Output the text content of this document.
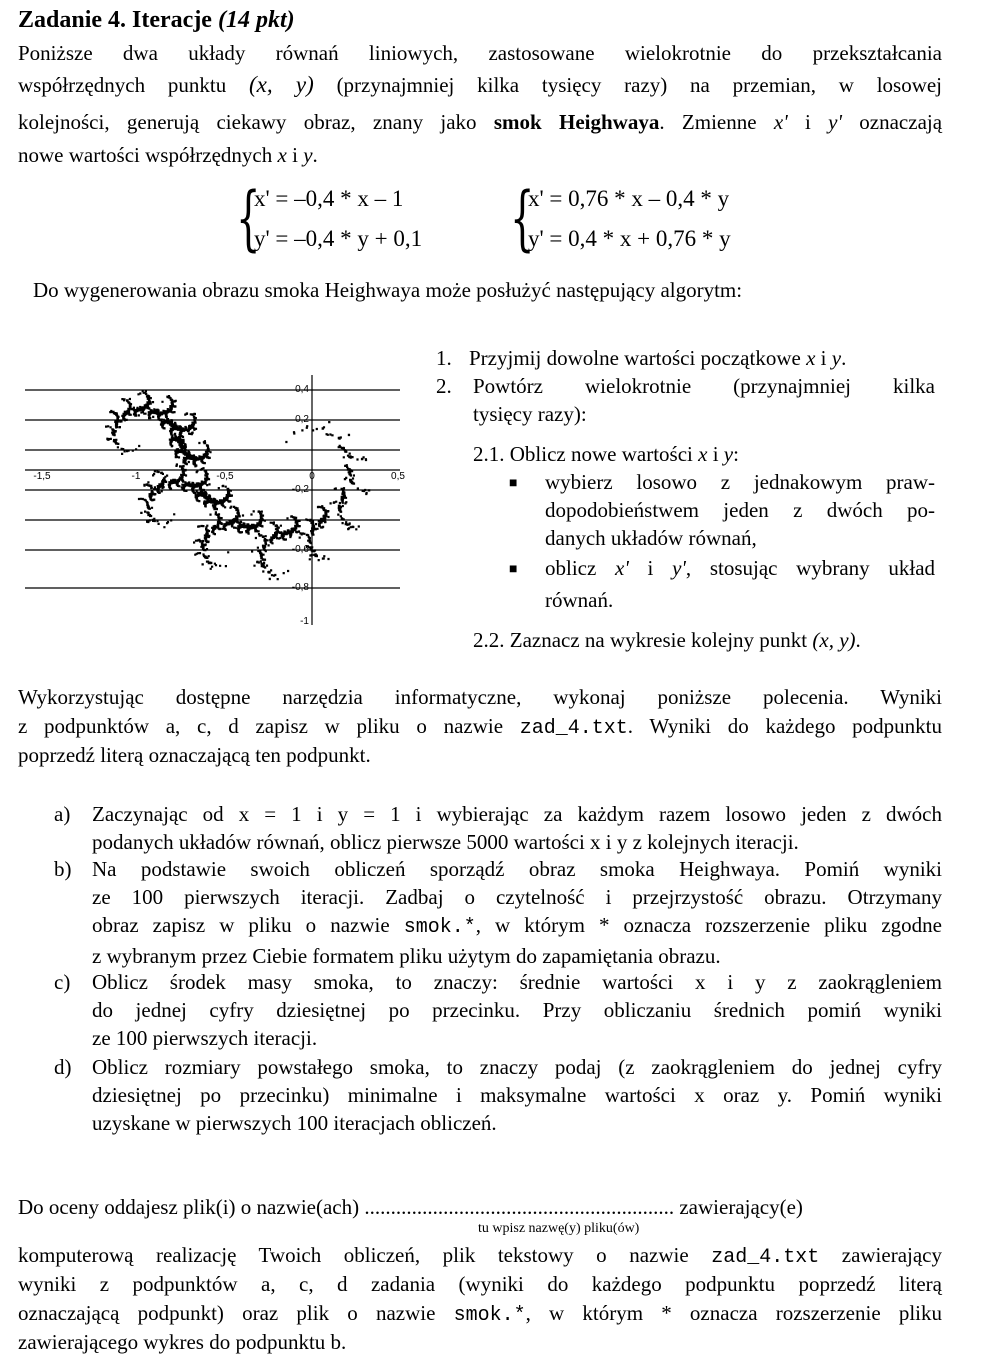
Zadanie 4. Iteracje (14 pkt)
Poniższe dwa układy równań liniowych, zastosowane wielokrotnie do przekształcania
współrzędnych punktu (x, y) (przynajmniej kilka tysięcy razy) na przemian, w losowej
kolejności, generują ciekawy obraz, znany jako smok Heighwaya. Zmienne x' i y' oznaczają
nowe wartości współrzędnych x i y.
{
x' = –0,4 * x – 1
y' = –0,4 * y + 0,1 {
x' = 0,76 * x – 0,4 * y
y' = 0,4 * x + 0,76 * y
Do wygenerowania obrazu smoka Heighwaya może posłużyć następujący algorytm:
-1,5	-1	-0,5	0	0,5
0,4
0,2
-0,2
-0,6
-0,8
-1
1. Przyjmij dowolne wartości początkowe x i y.
2. Powtórz wielokrotnie (przynajmniej kilka
tysięcy razy):
2.1. Oblicz nowe wartości x i y:
■ wybierz losowo z jednakowym praw-
dopodobieństwem jeden z dwóch po-
danych układów równań,
■ oblicz x' i y', stosując wybrany układ
równań.
2.2. Zaznacz na wykresie kolejny punkt (x, y).
Wykorzystując dostępne narzędzia informatyczne, wykonaj poniższe polecenia. Wyniki
z podpunktów a, c, d zapisz w pliku o nazwie zad_4.txt. Wyniki do każdego podpunktu
poprzedź literą oznaczającą ten podpunkt.
a) Zaczynając od x = 1 i y = 1 i wybierając za każdym razem losowo jeden z dwóch
podanych układów równań, oblicz pierwsze 5000 wartości x i y z kolejnych iteracji.
b) Na podstawie swoich obliczeń sporządź obraz smoka Heighwaya. Pomiń wyniki
ze 100 pierwszych iteracji. Zadbaj o czytelność i przejrzystość obrazu. Otrzymany
obraz zapisz w pliku o nazwie smok.*, w którym * oznacza rozszerzenie pliku zgodne
z wybranym przez Ciebie formatem pliku użytym do zapamiętania obrazu.
c) Oblicz środek masy smoka, to znaczy: średnie wartości x i y z zaokrągleniem
do jednej cyfry dziesiętnej po przecinku. Przy obliczaniu średnich pomiń wyniki
ze 100 pierwszych iteracji.
d) Oblicz rozmiary powstałego smoka, to znaczy podaj (z zaokrągleniem do jednej cyfry
dziesiętnej po przecinku) minimalne i maksymalne wartości x oraz y. Pomiń wyniki
uzyskane w pierwszych 100 iteracjach obliczeń.
Do oceny oddajesz plik(i) o nazwie(ach) ........................................................... zawierający(e)
tu wpisz nazwę(y) pliku(ów)
komputerową realizację Twoich obliczeń, plik tekstowy o nazwie zad_4.txt zawierający
wyniki z podpunktów a, c, d zadania (wyniki do każdego podpunktu poprzedź literą
oznaczającą podpunkt) oraz plik o nazwie smok.*, w którym * oznacza rozszerzenie pliku
zawierającego wykres do podpunktu b.
